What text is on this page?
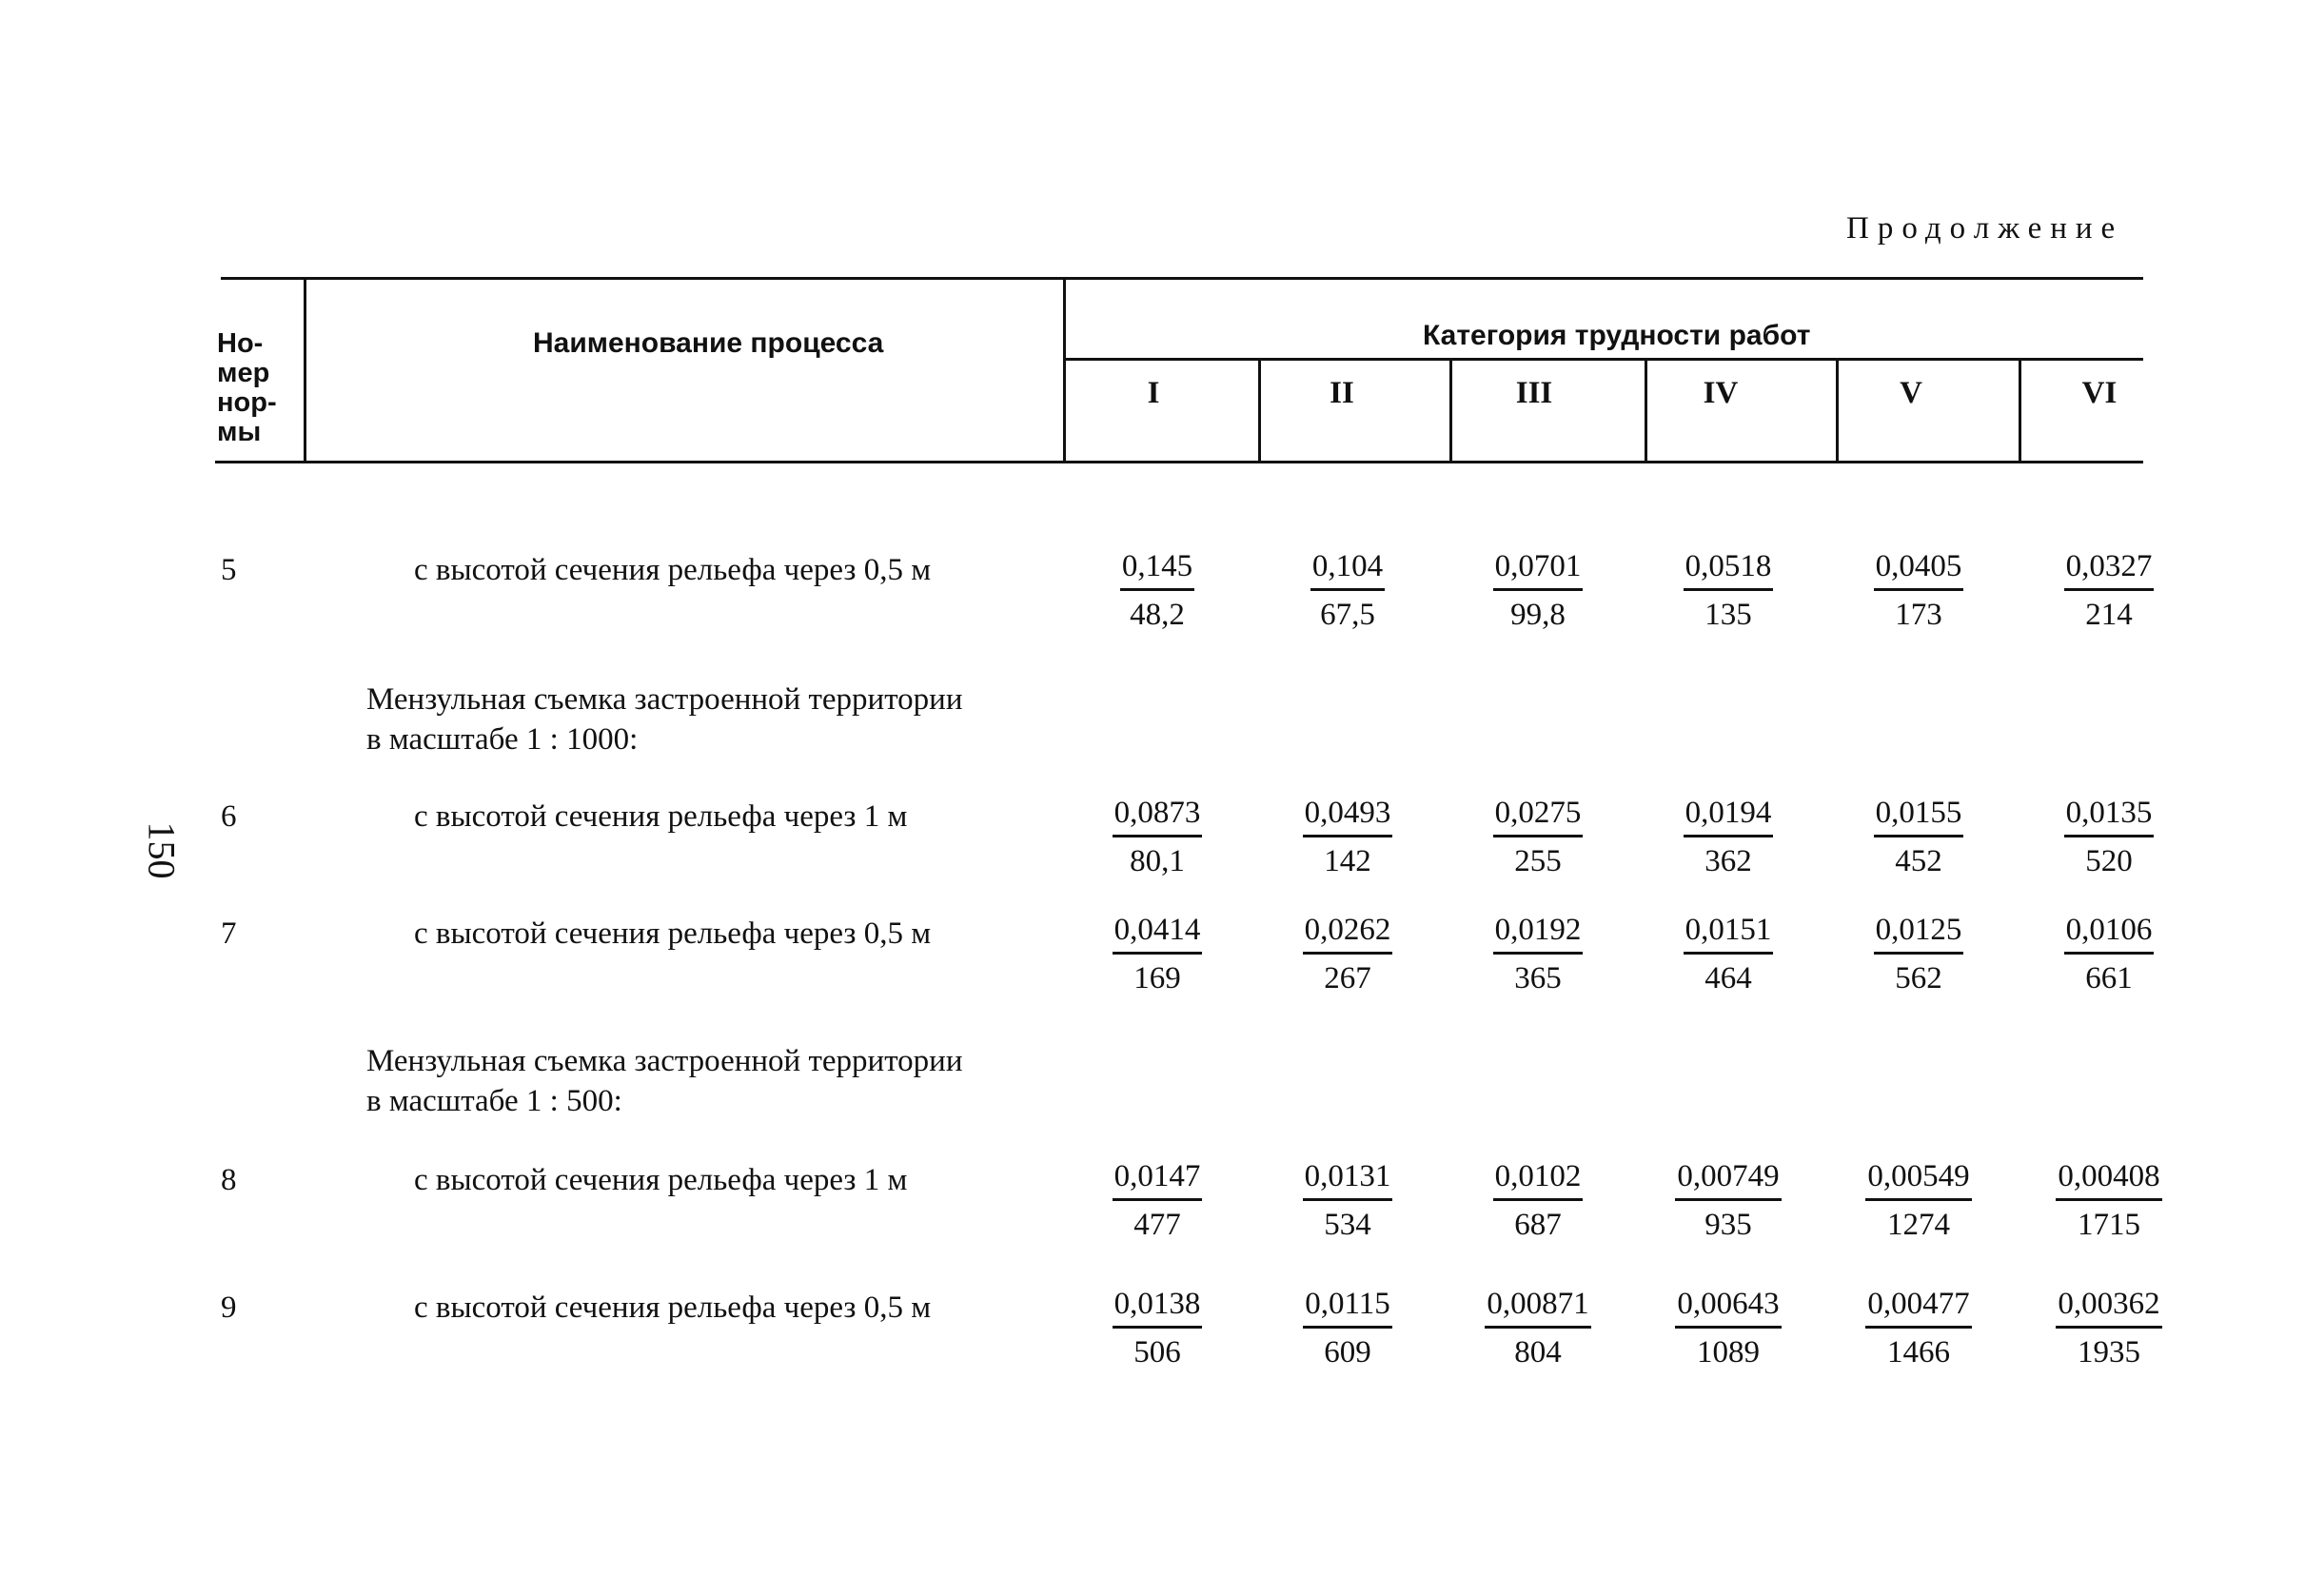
Продолжение
Но-
мер
нор-
мы
Наименование процесса	Категория трудности работ
I	II	III	IV	V	VI
150
Мензульная съемка застроенной территории
в масштабе 1 : 1000:
Мензульная съемка застроенной территории
в масштабе 1 : 500:
5	с высотой сечения рельефа через 0,5 м	$\frac{0,145}{48,2} \frac{0,104}{67,5} \frac{0,0701}{99,8} \frac{0,0518}{135} \frac{0,0405}{173} \frac{0,0327}{214}$
6	с высотой сечения рельефа через 1 м	$\frac{0,0873}{80,1} \frac{0,0493}{142} \frac{0,0275}{255} \frac{0,0194}{362} \frac{0,0155}{452} \frac{0,0135}{520}$
7	с высотой сечения рельефа через 0,5 м	$\frac{0,0414}{169} \frac{0,0262}{267} \frac{0,0192}{365} \frac{0,0151}{464} \frac{0,0125}{562} \frac{0,0106}{661}$
8	с высотой сечения рельефа через 1 м	$\frac{0,0147}{477} \frac{0,0131}{534} \frac{0,0102}{687} \frac{0,00749}{935} \frac{0,00549}{1274} \frac{0,00408}{1715}$
9	с высотой сечения рельефа через 0,5 м	$\frac{0,0138}{506} \frac{0,0115}{609} \frac{0,00871}{804} \frac{0,00643}{1089} \frac{0,00477}{1466} \frac{0,00362}{1935}$
